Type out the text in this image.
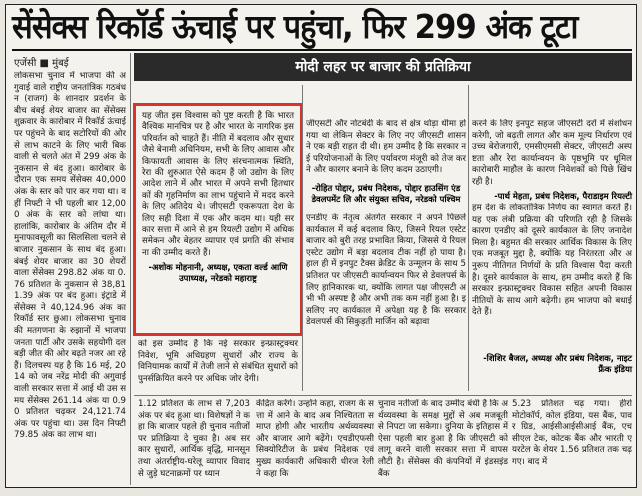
सेंसेक्स रिकॉर्ड ऊंचाई पर पहुंचा, फिर 299 अंक टूटा
एजेंसी ■ मुंबई
लोकसभा चुनाव में भाजपा की अगुवाई वाले राष्ट्रीय जनतांत्रिक गठबंधन (राजग) के शानदार प्रदर्शन के बीच बंबई शेयर बाजार का सेंसेक्स शुक्रवार के कारोबार में रिकॉर्ड ऊंचाई पर पहुंचने के बाद सटोरियों की ओर से लाभ काटने के लिए भारी बिकवाली से चलते अंत में 299 अंक के नुकसान से बंद हुआ। कारोबार के दौरान एक समय सेंसेक्स 40,000 अंक के स्तर को पार कर गया था। वहीं निफ्टी ने भी पहली बार 12,000 अंक के स्तर को लांघा था। हालांकि, कारोबार के अंतिम दौर में मुनाफावसूली का सिलसिला चलने से बाजार नुकसान के साथ बंद हुआ। बंबई शेयर बाजार का 30 शेयरों वाला सेंसेक्स 298.82 अंक या 0.76 प्रतिशत के नुकसान से 38,811.39 अंक पर बंद हुआ। इंट्राडे में सेंसेक्स ने 40,124.96 अंक का रिकॉर्ड स्तर छुआ। लोकसभा चुनाव की मतगणना के रुझानों में भाजपा जनता पार्टी और उसके सहयोगी दल बड़ी जीत की ओर बढ़ते नजर आ रहे हैं। दिलचस्प यह है कि 16 मई, 2014 को जब नरेंद्र मोदी की अगुवाई वाली सरकार सत्ता में आई थी उस समय सेंसेक्स 261.14 अंक या 0.90 प्रतिशत चढ़कर 24,121.74 अंक पर पहुंचा था। उस दिन निफ्टी 79.85 अंक का लाभ था।
मोदी लहर पर बाजार की प्रतिक्रिया
यह जीत इस विश्वास को पुष्ट करती है कि भारत वैश्विक मानचित्र पर है और भारत के नागरिक इस परिवर्तन को चाहते हैं। नीति में बदलाव और सुधार जैसे बेनामी अधिनियम, सभी के लिए आवास और किफायती आवास के लिए संरचनात्मक स्थिति, रेरा की शुरुआत ऐसे कदम हैं जो उद्योग के लिए आदेश लाने में और भारत में अपने सभी हितधारकों की गृहनिर्माण का लाभ पहुंचाने में मदद करने के लिए अतिदेय थे। जीएसटी एकरूपता देश के लिए सही दिशा में एक और कदम था। यही सरकार सत्ता में आने से हम रियल्टी उद्योग में अधिक समेकन और बेहतर व्यापार एवं प्रगति की संभावना की उम्मीद करते हैं।
-अशोक मोहनानी, अध्यक्ष, एकता वर्ल्ड आणि उपाध्यक्ष, नरेडको महाराष्ट्र
को इस उम्मीद है कि नई सरकार इन्फ्रास्ट्रक्चर निवेश, भूमि अधिग्रहण सुधारों और राज्य के विनियामक कार्यों में तेजी लाने से संबंधित सुधारों को पुनर्सक्रियित करने पर अधिक जोर देगी।
1.12 प्रतिशत के लाभ से 7,203 अंक पर बंद हुआ था। विशेषज्ञों ने कहा कि बाजार पहले ही चुनाव नतीजों पर प्रतिक्रिया दे चुका है। अब सरकार सुधारों, आर्थिक वृद्धि, मानसून तथा अंतर्राष्ट्रीय-घरेलू व्यापार विवाद से जुड़े घटनाक्रमों पर ध्यान
जीएसटी और नोटबंदी के बाद से क्षेत्र थोड़ा धीमा हो गया था लेकिन सेक्टर के लिए नए जीएसटी शासन ने एक बड़ी राहत दी थी। हम उम्मीद है कि सरकार नई परियोजनाओं के लिए पर्यावरण मंजूरी को तेज करने और कारगर बनाने के लिए कदम उठाएगी।
-रोहित पोद्दार, प्रबंध निदेशक, पोद्दार हाउसिंग एंड डेवलपमेंट लि और संयुक्त सचिव, नरेडको पश्चिम
एनडीए के नेतृत्व अंतर्गत सरकार ने अपने पिछले कार्यकाल में कई बदलाव किए, जिसने रियल एस्टेट बाजार को बुरी तरह प्रभावित किया, जिससे ये रियल एस्टेट उद्योग में बड़ा बदलाव टीक नहीं हो पाया है। हाल ही में इनपुट टैक्स क्रेडिट के उन्मूलन के साथ 5 प्रतिशत पर जीएसटी कार्यान्वयन फिर से डेवलपर्स के लिए हानिकारक था, क्योंकि लागत पक्ष जीएसटी अभी भी अस्पष्ट है और अभी तक कम नहीं हुआ है। इसलिए नए कार्यकाल में अपेक्षा यह है कि सरकार डेवलपर्स की सिकुड़ती मार्जिन को बढ़ावा
करने के लिए इनपुट सहज जीएसटी दरों में संशोधन करेगी, जो बढ़ती लागत और कम मूल्य निर्धारण एवं उच्च बेरोजगारी, एमसीएमसी सेक्टर, जीएसटी अस्पष्टता और रेरा कार्यान्वयन के पृष्ठभूमि पर धूमिल कारोबारी माहौल के कारण निवेशकों को पिछे खिंच रही है।
-पार्थ मेहता, प्रबंध निदेशक, पैराडाइम रियल्टी
हम देश के लोकतांत्रिक निर्णय का स्वागत करते हैं। यह एक लंबी प्रक्रिया की परिणति रही है जिसके कारण एनडीए को दूसरे कार्यकाल के लिए जनादेश मिला है। बहुमत की सरकार आर्थिक विकास के लिए एक मजबूत मुद्दा है, क्योंकि यह निरंतरता और अनुरूप नीतिगत निर्णयों के प्रति विश्वास पैदा करती है। दूसरे कार्यकाल के साथ, हम उम्मीद करते हैं कि सरकार इन्फ्रास्ट्रक्चर विकास सहित अपनी विकास नीतियों के साथ आगे बढ़ेगी। हम भाजपा को बधाई देते हैं।
-शिशिर बैजल, अध्यक्ष और प्रबंध निदेशक, नाइट फ्रैंक इंडिया
केंद्रित करेंगे। उन्होंने कहा, राजग के सत्ता में आने के बाद अब निश्चितता समाप्त होगी और भारतीय अर्थव्यवस्था और बाजार आगे बढ़ेंगे। एचडीएफसी सिक्योरिटीज के प्रबंध निदेशक एवं मुख्य कार्यकारी अधिकारी धीरज रेली ने कहा कि
चुनाव नतीजों के बाद उम्मीद बंधी है कि अर्थव्यवस्था के समक्ष मुद्दों से अब मजबूती से निपटा जा सकेगा। दुनिया के इतिहास में ऐसा पहली बार हुआ है कि जीएसटी को लागू करने वाली सरकार सत्ता में वापस लौटी है। सेंसेक्स की कंपनियों में इंडसइंड बैंक
5.23 प्रतिशत चढ़ गया। हीरो मोटोकॉर्प, कोल इंडिया, यस बैंक, पावर ग्रिड, आईसीआईसीआई बैंक, एचसीएल टेक, कोटक बैंक और भारती एयरटेल के शेयर 1.56 प्रतिशत तक चढ़ गए। बाद में
